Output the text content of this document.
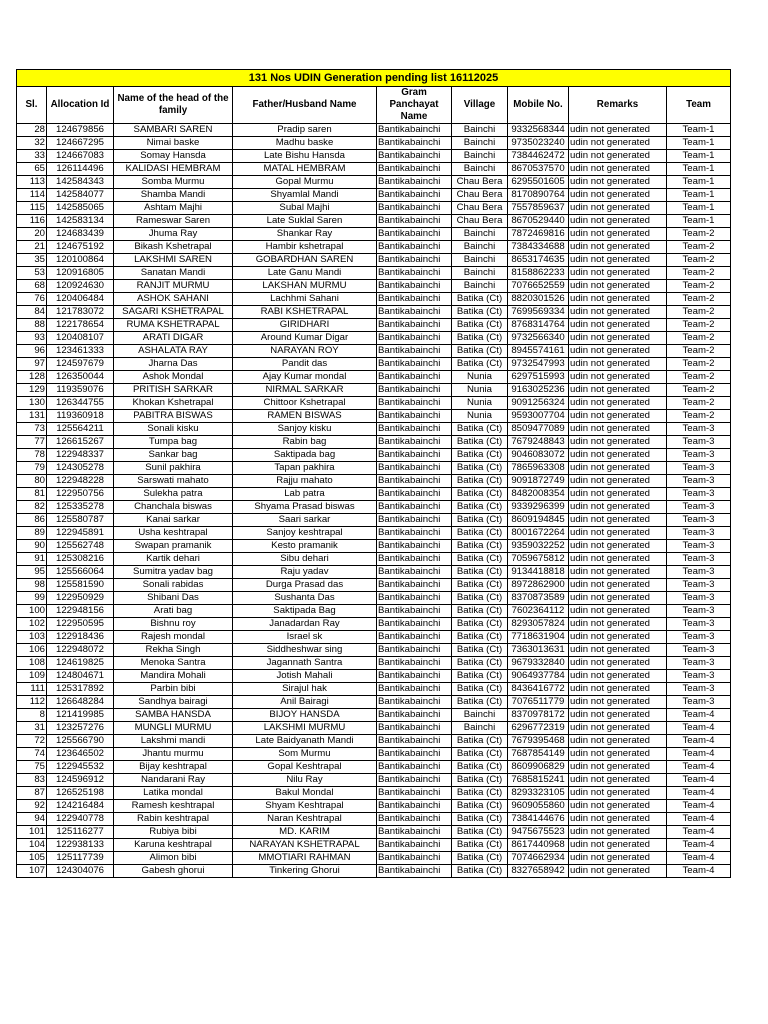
131 Nos UDIN Generation pending list 16112025								
Sl.	Allocation Id	Name of the head of the family	Father/Husband Name	Gram Panchayat Name	Village	Mobile No.	Remarks	Team
28	124679856	SAMBARI SAREN	Pradip saren	Bantikabainchi	Bainchi	9332568344	udin not generated	Team-1
32	124667295	Nimai baske	Madhu baske	Bantikabainchi	Bainchi	9735023240	udin not generated	Team-1
33	124667083	Somay Hansda	Late Bishu Hansda	Bantikabainchi	Bainchi	7384462472	udin not generated	Team-1
65	126114496	KALIDASI HEMBRAM	MATAL HEMBRAM	Bantikabainchi	Bainchi	8670537570	udin not generated	Team-1
113	142584343	Somba Murmu	Gopal Murmu	Bantikabainchi	Chau Bera	6295501605	udin not generated	Team-1
114	142584077	Shamba Mandi	Shyamlal Mandi	Bantikabainchi	Chau Bera	8170890764	udin not generated	Team-1
115	142585065	Ashtam Majhi	Subal Majhi	Bantikabainchi	Chau Bera	7557859637	udin not generated	Team-1
116	142583134	Rameswar Saren	Late Suklal Saren	Bantikabainchi	Chau Bera	8670529440	udin not generated	Team-1
20	124683439	Jhuma Ray	Shankar Ray	Bantikabainchi	Bainchi	7872469816	udin not generated	Team-2
21	124675192	Bikash Kshetrapal	Hambir kshetrapal	Bantikabainchi	Bainchi	7384334688	udin not generated	Team-2
35	120100864	LAKSHMI SAREN	GOBARDHAN SAREN	Bantikabainchi	Bainchi	8653174635	udin not generated	Team-2
53	120916805	Sanatan Mandi	Late Ganu Mandi	Bantikabainchi	Bainchi	8158862233	udin not generated	Team-2
68	120924630	RANJIT MURMU	LAKSHAN MURMU	Bantikabainchi	Bainchi	7076652559	udin not generated	Team-2
76	120406484	ASHOK SAHANI	Lachhmi Sahani	Bantikabainchi	Batika (Ct)	8820301526	udin not generated	Team-2
84	121783072	SAGARI KSHETRAPAL	RABI KSHETRAPAL	Bantikabainchi	Batika (Ct)	7699569334	udin not generated	Team-2
88	122178654	RUMA KSHETRAPAL	GIRIDHARI	Bantikabainchi	Batika (Ct)	8768314764	udin not generated	Team-2
93	120408107	ARATI DIGAR	Around Kumar Digar	Bantikabainchi	Batika (Ct)	9732566340	udin not generated	Team-2
96	123461333	ASHALATA RAY	NARAYAN ROY	Bantikabainchi	Batika (Ct)	8945574161	udin not generated	Team-2
97	124597679	Jharna Das	Pandit das	Bantikabainchi	Batika (Ct)	9732547993	udin not generated	Team-2
128	126350044	Ashok Mondal	Ajay Kumar mondal	Bantikabainchi	Nunia	6297515993	udin not generated	Team-2
129	119359076	PRITISH SARKAR	NIRMAL SARKAR	Bantikabainchi	Nunia	9163025236	udin not generated	Team-2
130	126344755	Khokan Kshetrapal	Chittoor Kshetrapal	Bantikabainchi	Nunia	9091256324	udin not generated	Team-2
131	119360918	PABITRA BISWAS	RAMEN BISWAS	Bantikabainchi	Nunia	9593007704	udin not generated	Team-2
73	125564211	Sonali kisku	Sanjoy kisku	Bantikabainchi	Batika (Ct)	8509477089	udin not generated	Team-3
77	126615267	Tumpa bag	Rabin bag	Bantikabainchi	Batika (Ct)	7679248843	udin not generated	Team-3
78	122948337	Sankar bag	Saktipada bag	Bantikabainchi	Batika (Ct)	9046083072	udin not generated	Team-3
79	124305278	Sunil pakhira	Tapan pakhira	Bantikabainchi	Batika (Ct)	7865963308	udin not generated	Team-3
80	122948228	Sarswati mahato	Rajju mahato	Bantikabainchi	Batika (Ct)	9091872749	udin not generated	Team-3
81	122950756	Sulekha patra	Lab patra	Bantikabainchi	Batika (Ct)	8482008354	udin not generated	Team-3
82	125335278	Chanchala biswas	Shyama Prasad biswas	Bantikabainchi	Batika (Ct)	9339296399	udin not generated	Team-3
86	125580787	Kanai sarkar	Saari sarkar	Bantikabainchi	Batika (Ct)	8609194845	udin not generated	Team-3
89	122945891	Usha keshtrapal	Sanjoy keshtrapal	Bantikabainchi	Batika (Ct)	8001672264	udin not generated	Team-3
90	125562748	Swapan pramanik	Kesto pramanik	Bantikabainchi	Batika (Ct)	9359032252	udin not generated	Team-3
91	125308216	Kartik dehari	Sibu dehari	Bantikabainchi	Batika (Ct)	7059675812	udin not generated	Team-3
95	125566064	Sumitra yadav bag	Raju yadav	Bantikabainchi	Batika (Ct)	9134418818	udin not generated	Team-3
98	125581590	Sonali rabidas	Durga Prasad das	Bantikabainchi	Batika (Ct)	8972862900	udin not generated	Team-3
99	122950929	Shibani Das	Sushanta Das	Bantikabainchi	Batika (Ct)	8370873589	udin not generated	Team-3
100	122948156	Arati bag	Saktipada Bag	Bantikabainchi	Batika (Ct)	7602364112	udin not generated	Team-3
102	122950595	Bishnu roy	Janadardan Ray	Bantikabainchi	Batika (Ct)	8293057824	udin not generated	Team-3
103	122918436	Rajesh mondal	Israel sk	Bantikabainchi	Batika (Ct)	7718631904	udin not generated	Team-3
106	122948072	Rekha Singh	Siddheshwar sing	Bantikabainchi	Batika (Ct)	7363013631	udin not generated	Team-3
108	124619825	Menoka Santra	Jagannath Santra	Bantikabainchi	Batika (Ct)	9679332840	udin not generated	Team-3
109	124804671	Mandira Mohali	Jotish Mahali	Bantikabainchi	Batika (Ct)	9064937784	udin not generated	Team-3
111	125317892	Parbin bibi	Sirajul hak	Bantikabainchi	Batika (Ct)	8436416772	udin not generated	Team-3
112	126648284	Sandhya bairagi	Anil Bairagi	Bantikabainchi	Batika (Ct)	7076511779	udin not generated	Team-3
8	121419985	SAMBA HANSDA	BIJOY HANSDA	Bantikabainchi	Bainchi	8370978172	udin not generated	Team-4
31	123257276	MUNGLI MURMU	LAKSHMI MURMU	Bantikabainchi	Bainchi	6296772319	udin not generated	Team-4
72	125566790	Lakshmi mandi	Late Baidyanath Mandi	Bantikabainchi	Batika (Ct)	7679395468	udin not generated	Team-4
74	123646502	Jhantu murmu	Som Murmu	Bantikabainchi	Batika (Ct)	7687854149	udin not generated	Team-4
75	122945532	Bijay keshtrapal	Gopal Keshtrapal	Bantikabainchi	Batika (Ct)	8609906829	udin not generated	Team-4
83	124596912	Nandarani Ray	Nilu Ray	Bantikabainchi	Batika (Ct)	7685815241	udin not generated	Team-4
87	126525198	Latika mondal	Bakul Mondal	Bantikabainchi	Batika (Ct)	8293323105	udin not generated	Team-4
92	124216484	Ramesh keshtrapal	Shyam Keshtrapal	Bantikabainchi	Batika (Ct)	9609055860	udin not generated	Team-4
94	122940778	Rabin keshtrapal	Naran Keshtrapal	Bantikabainchi	Batika (Ct)	7384144676	udin not generated	Team-4
101	125116277	Rubiya bibi	MD. KARIM	Bantikabainchi	Batika (Ct)	9475675523	udin not generated	Team-4
104	122938133	Karuna keshtrapal	NARAYAN KSHETRAPAL	Bantikabainchi	Batika (Ct)	8617440968	udin not generated	Team-4
105	125117739	Alimon bibi	MMOTIARI RAHMAN	Bantikabainchi	Batika (Ct)	7074662934	udin not generated	Team-4
107	124304076	Gabesh ghorui	Tinkering Ghorui	Bantikabainchi	Batika (Ct)	8327658942	udin not generated	Team-4
